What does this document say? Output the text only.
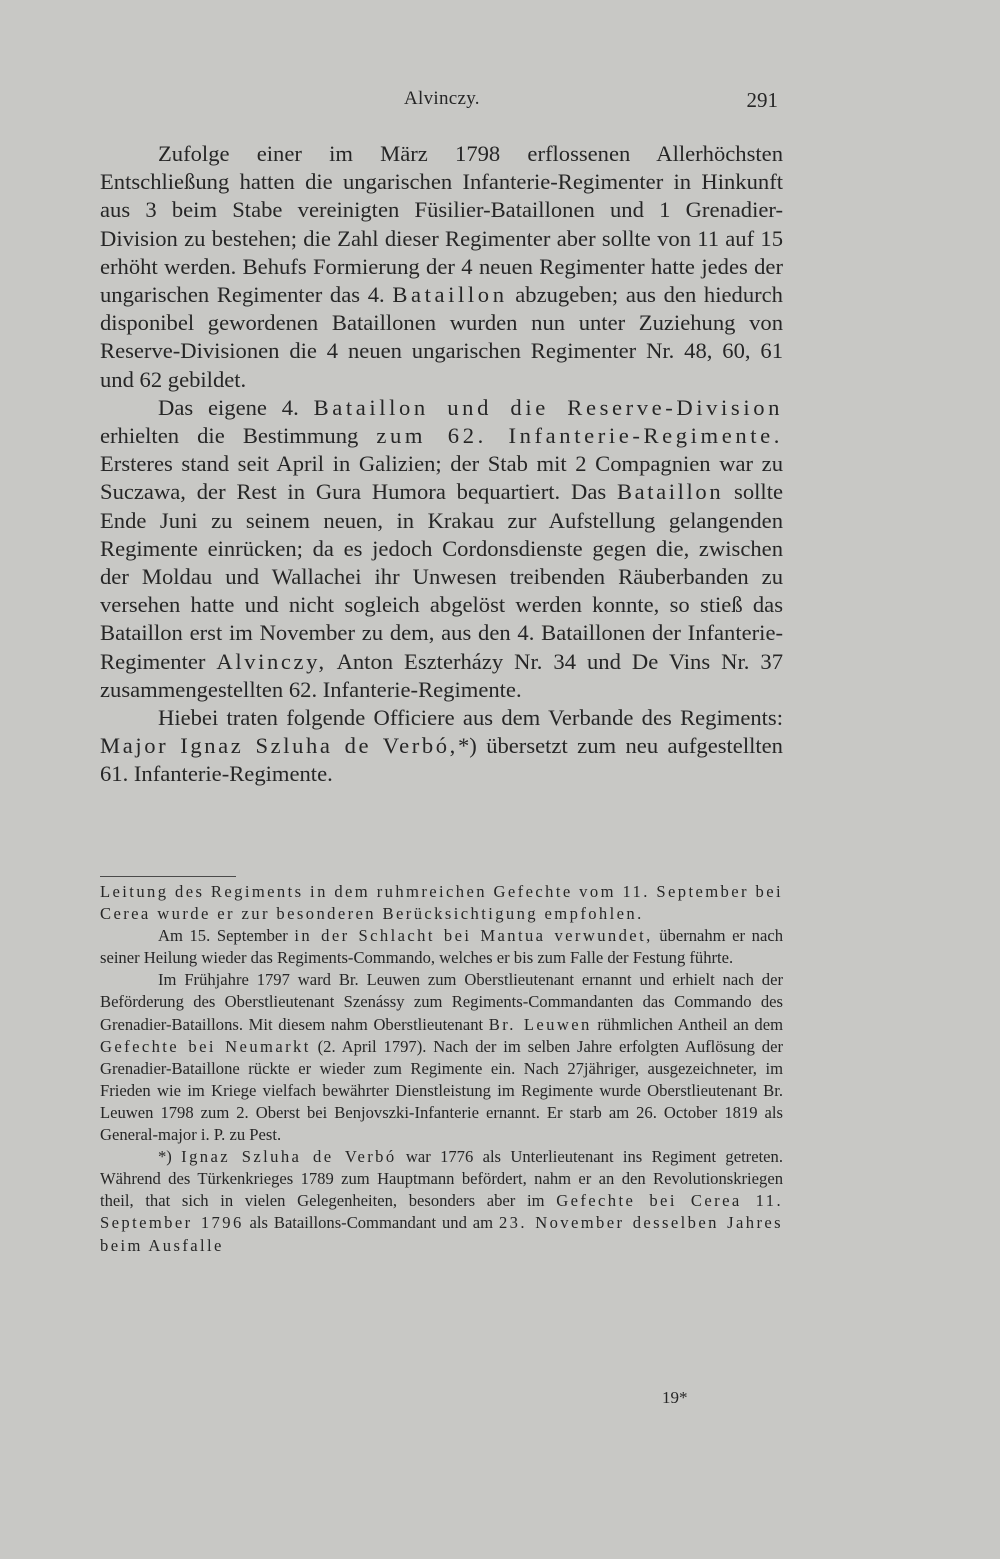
Alvinczy.	291

Zufolge einer im März 1798 erflossenen Allerhöchsten Entschließung hatten die ungarischen Infanterie-Regimenter in Hinkunft aus 3 beim Stabe vereinigten Füsilier-Bataillonen und 1 Grenadier-Division zu bestehen; die Zahl dieser Regimenter aber sollte von 11 auf 15 erhöht werden. Behufs Formierung der 4 neuen Regimenter hatte jedes der ungarischen Regimenter das 4. Bataillon abzugeben; aus den hiedurch disponibel gewordenen Bataillonen wurden nun unter Zuziehung von Reserve-Divisionen die 4 neuen ungarischen Regimenter Nr. 48, 60, 61 und 62 gebildet.

Das eigene 4. Bataillon und die Reserve-Division erhielten die Bestimmung zum 62. Infanterie-Regimente. Ersteres stand seit April in Galizien; der Stab mit 2 Compagnien war zu Suczawa, der Rest in Gura Humora bequartiert. Das Bataillon sollte Ende Juni zu seinem neuen, in Krakau zur Aufstellung gelangenden Regimente einrücken; da es jedoch Cordonsdienste gegen die, zwischen der Moldau und Wallachei ihr Unwesen treibenden Räuberbanden zu versehen hatte und nicht sogleich abgelöst werden konnte, so stieß das Bataillon erst im November zu dem, aus den 4. Bataillonen der Infanterie-Regimenter Alvinczy, Anton Eszterházy Nr. 34 und De Vins Nr. 37 zusammengestellten 62. Infanterie-Regimente.

Hiebei traten folgende Officiere aus dem Verbande des Regiments: Major Ignaz Szluha de Verbó,*) übersetzt zum neu aufgestellten 61. Infanterie-Regimente.

Leitung des Regiments in dem ruhmreichen Gefechte vom 11. September bei Cerea wurde er zur besonderen Berücksichtigung empfohlen.

Am 15. September in der Schlacht bei Mantua verwundet, übernahm er nach seiner Heilung wieder das Regiments-Commando, welches er bis zum Falle der Festung führte.

Im Frühjahre 1797 ward Br. Leuwen zum Oberstlieutenant ernannt und erhielt nach der Beförderung des Oberstlieutenant Szenássy zum Regiments-Commandanten das Commando des Grenadier-Bataillons. Mit diesem nahm Oberstlieutenant Br. Leuwen rühmlichen Antheil an dem Gefechte bei Neumarkt (2. April 1797). Nach der im selben Jahre erfolgten Auflösung der Grenadier-Bataillone rückte er wieder zum Regimente ein. Nach 27jähriger, ausgezeichneter, im Frieden wie im Kriege vielfach bewährter Dienstleistung im Regimente wurde Oberstlieutenant Br. Leuwen 1798 zum 2. Oberst bei Benjovszki-Infanterie ernannt. Er starb am 26. October 1819 als General-major i. P. zu Pest.

*) Ignaz Szluha de Verbó war 1776 als Unterlieutenant ins Regiment getreten. Während des Türkenkrieges 1789 zum Hauptmann befördert, nahm er an den Revolutionskriegen theil, that sich in vielen Gelegenheiten, besonders aber im Gefechte bei Cerea 11. September 1796 als Bataillons-Commandant und am 23. November desselben Jahres beim Ausfalle

19*
